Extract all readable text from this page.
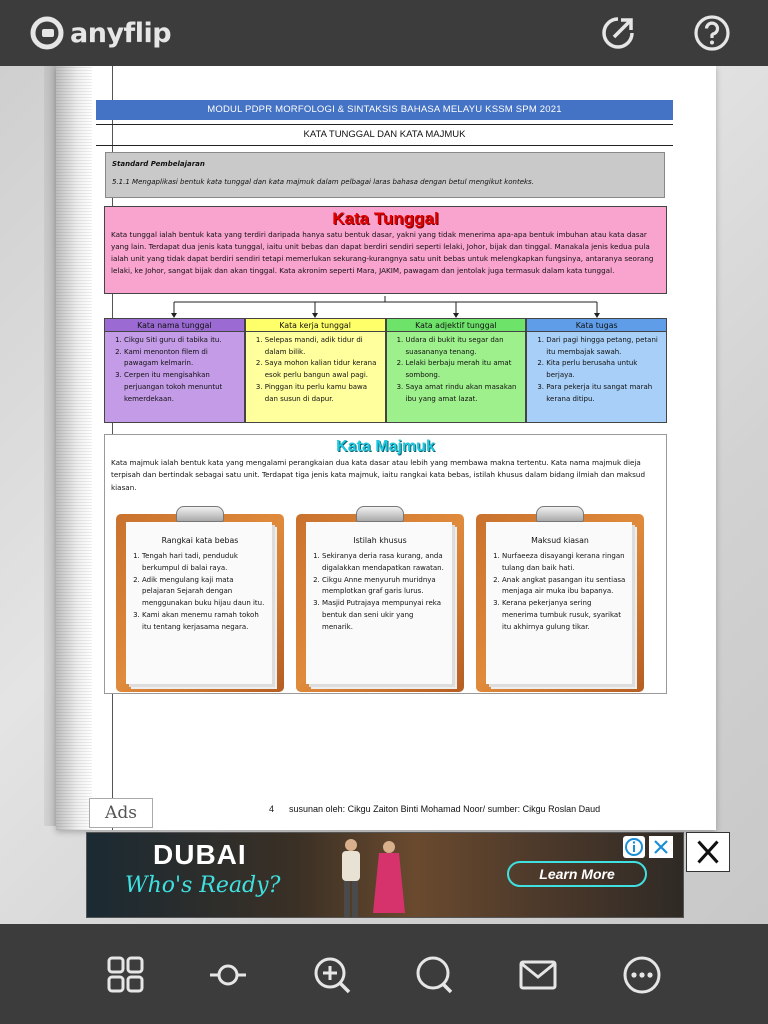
anyflip
MODUL PDPR MORFOLOGI & SINTAKSIS BAHASA MELAYU KSSM SPM 2021
KATA TUNGGAL DAN KATA MAJMUK
Standard Pembelajaran
5.1.1 Mengaplikasi bentuk kata tunggal dan kata majmuk dalam pelbagai laras bahasa dengan betul mengikut konteks.
Kata Tunggal
Kata tunggal ialah bentuk kata yang terdiri daripada hanya satu bentuk dasar, yakni yang tidak menerima apa-apa bentuk imbuhan atau kata dasar yang lain. Terdapat dua jenis kata tunggal, iaitu unit bebas dan dapat berdiri sendiri seperti lelaki, Johor, bijak dan tinggal. Manakala jenis kedua pula ialah unit yang tidak dapat berdiri sendiri tetapi memerlukan sekurang-kurangnya satu unit bebas untuk melengkapkan fungsinya, antaranya seorang lelaki, ke Johor, sangat bijak dan akan tinggal. Kata akronim seperti Mara, JAKIM, pawagam dan jentolak juga termasuk dalam kata tunggal.
Kata nama tunggal
1. Cikgu Siti guru di tabika itu.
2. Kami menonton filem di pawagam kelmarin.
3. Cerpen itu mengisahkan perjuangan tokoh menuntut kemerdekaan.
Kata kerja tunggal
1. Selepas mandi, adik tidur di dalam bilik.
2. Saya mohon kalian tidur kerana esok perlu bangun awal pagi.
3. Pinggan itu perlu kamu bawa dan susun di dapur.
Kata adjektif tunggal
1. Udara di bukit itu segar dan suasananya tenang.
2. Lelaki berbaju merah itu amat sombong.
3. Saya amat rindu akan masakan ibu yang amat lazat.
Kata tugas
1. Dari pagi hingga petang, petani itu membajak sawah.
2. Kita perlu berusaha untuk berjaya.
3. Para pekerja itu sangat marah kerana ditipu.
Kata Majmuk
Kata majmuk ialah bentuk kata yang mengalami perangkaian dua kata dasar atau lebih yang membawa makna tertentu. Kata nama majmuk dieja terpisah dan bertindak sebagai satu unit. Terdapat tiga jenis kata majmuk, iaitu rangkai kata bebas, istilah khusus dalam bidang ilmiah dan maksud kiasan.
Rangkai kata bebas
1. Tengah hari tadi, penduduk berkumpul di balai raya.
2. Adik mengulang kaji mata pelajaran Sejarah dengan menggunakan buku hijau daun itu.
3. Kami akan menemu ramah tokoh itu tentang kerjasama negara.
Istilah khusus
1. Sekiranya deria rasa kurang, anda digalakkan mendapatkan rawatan.
2. Cikgu Anne menyuruh muridnya memplotkan graf garis lurus.
3. Masjid Putrajaya mempunyai reka bentuk dan seni ukir yang menarik.
Maksud kiasan
1. Nurfaeeza disayangi kerana ringan tulang dan baik hati.
2. Anak angkat pasangan itu sentiasa menjaga air muka ibu bapanya.
3. Kerana pekerjanya sering menerima tumbuk rusuk, syarikat itu akhirnya gulung tikar.
Ads	4 susunan oleh: Cikgu Zaiton Binti Mohamad Noor/ sumber: Cikgu Roslan Daud
DUBAI
Who's Ready?	Learn More
